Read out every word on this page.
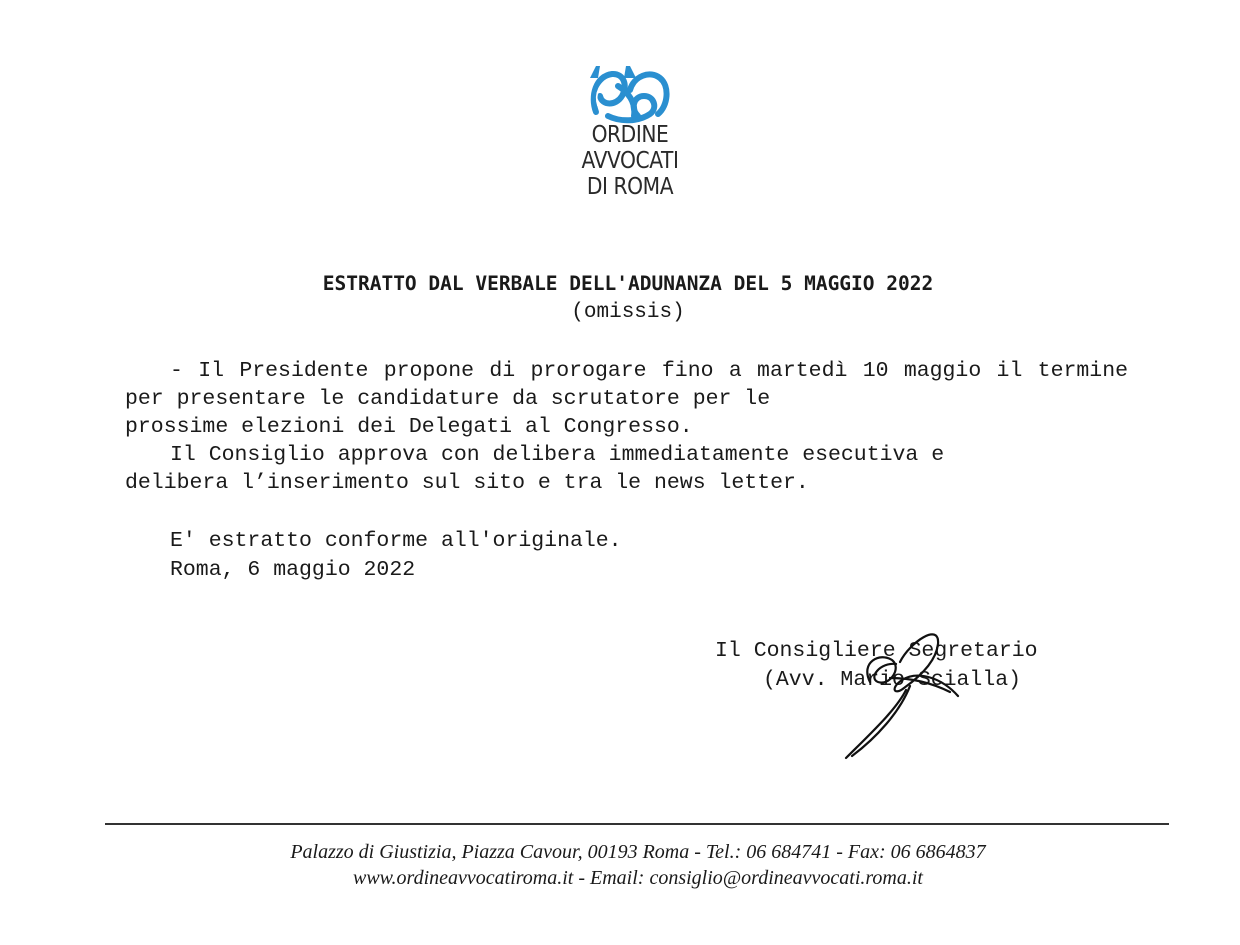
ORDINE
AVVOCATI
DI ROMA
ESTRATTO DAL VERBALE DELL'ADUNANZA DEL 5 MAGGIO 2022
(omissis)

- Il Presidente propone di prorogare fino a martedì 10 maggio il termine per presentare le candidature da scrutatore per le

prossime elezioni dei Delegati al Congresso.

Il Consiglio approva con delibera immediatamente esecutiva e

delibera l’inserimento sul sito e tra le news letter.

E' estratto conforme all'originale.
Roma, 6 maggio 2022
Il Consigliere Segretario
(Avv. Mario Scialla)
Palazzo di Giustizia, Piazza Cavour, 00193 Roma - Tel.: 06 684741 - Fax: 06 6864837
www.ordineavvocatiroma.it - Email: consiglio@ordineavvocati.roma.it
